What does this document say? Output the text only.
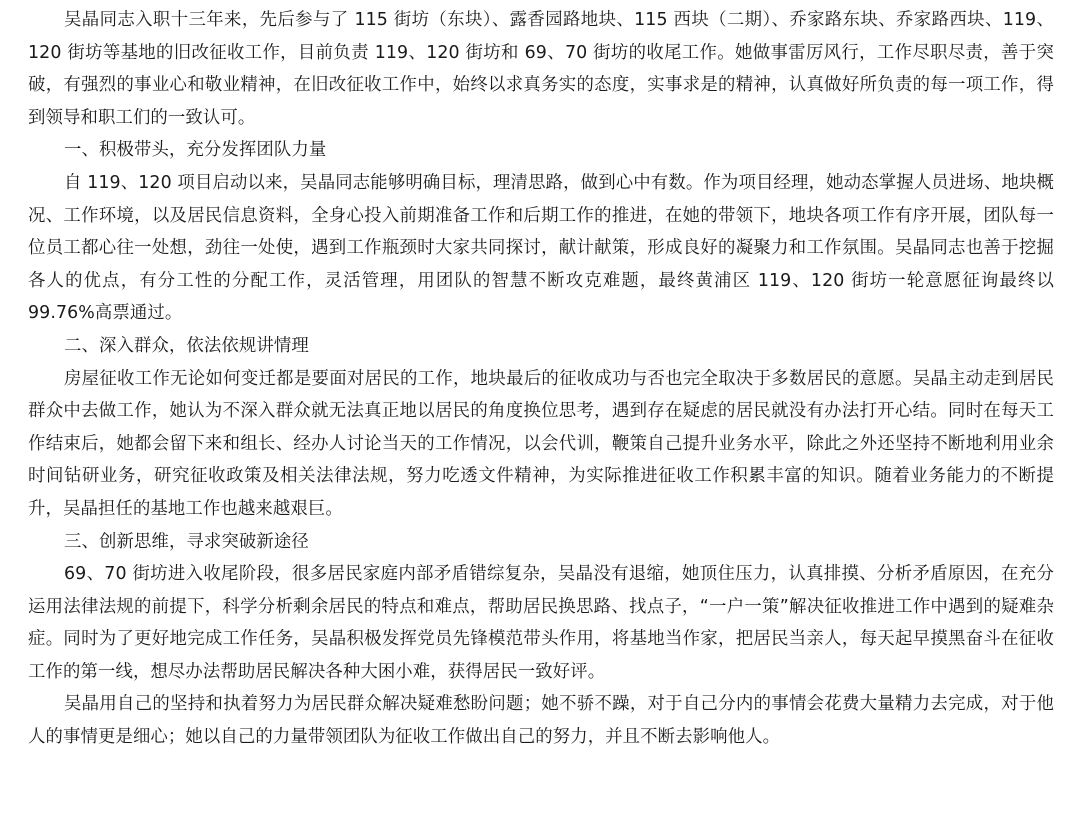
吴晶同志入职十三年来，先后参与了 115 街坊（东块）、露香园路地块、115 西块（二期）、乔家路东块、乔家路西块、119、120 街坊等基地的旧改征收工作，目前负责 119、120 街坊和 69、70 街坊的收尾工作。她做事雷厉风行，工作尽职尽责，善于突破，有强烈的事业心和敬业精神，在旧改征收工作中，始终以求真务实的态度，实事求是的精神，认真做好所负责的每一项工作，得到领导和职工们的一致认可。

一、积极带头，充分发挥团队力量

自 119、120 项目启动以来，吴晶同志能够明确目标，理清思路，做到心中有数。作为项目经理，她动态掌握人员进场、地块概况、工作环境，以及居民信息资料，全身心投入前期准备工作和后期工作的推进，在她的带领下，地块各项工作有序开展，团队每一位员工都心往一处想，劲往一处使，遇到工作瓶颈时大家共同探讨，献计献策，形成良好的凝聚力和工作氛围。吴晶同志也善于挖掘各人的优点，有分工性的分配工作，灵活管理，用团队的智慧不断攻克难题，最终黄浦区 119、120 街坊一轮意愿征询最终以 99.76%高票通过。

二、深入群众，依法依规讲情理

房屋征收工作无论如何变迁都是要面对居民的工作，地块最后的征收成功与否也完全取决于多数居民的意愿。吴晶主动走到居民群众中去做工作，她认为不深入群众就无法真正地以居民的角度换位思考，遇到存在疑虑的居民就没有办法打开心结。同时在每天工作结束后，她都会留下来和组长、经办人讨论当天的工作情况，以会代训，鞭策自己提升业务水平，除此之外还坚持不断地利用业余时间钻研业务，研究征收政策及相关法律法规，努力吃透文件精神，为实际推进征收工作积累丰富的知识。随着业务能力的不断提升，吴晶担任的基地工作也越来越艰巨。

三、创新思维，寻求突破新途径

69、70 街坊进入收尾阶段，很多居民家庭内部矛盾错综复杂，吴晶没有退缩，她顶住压力，认真排摸、分析矛盾原因，在充分运用法律法规的前提下，科学分析剩余居民的特点和难点，帮助居民换思路、找点子，“一户一策”解决征收推进工作中遇到的疑难杂症。同时为了更好地完成工作任务，吴晶积极发挥党员先锋模范带头作用，将基地当作家，把居民当亲人，每天起早摸黑奋斗在征收工作的第一线，想尽办法帮助居民解决各种大困小难，获得居民一致好评。

吴晶用自己的坚持和执着努力为居民群众解决疑难愁盼问题；她不骄不躁，对于自己分内的事情会花费大量精力去完成，对于他人的事情更是细心；她以自己的力量带领团队为征收工作做出自己的努力，并且不断去影响他人。
